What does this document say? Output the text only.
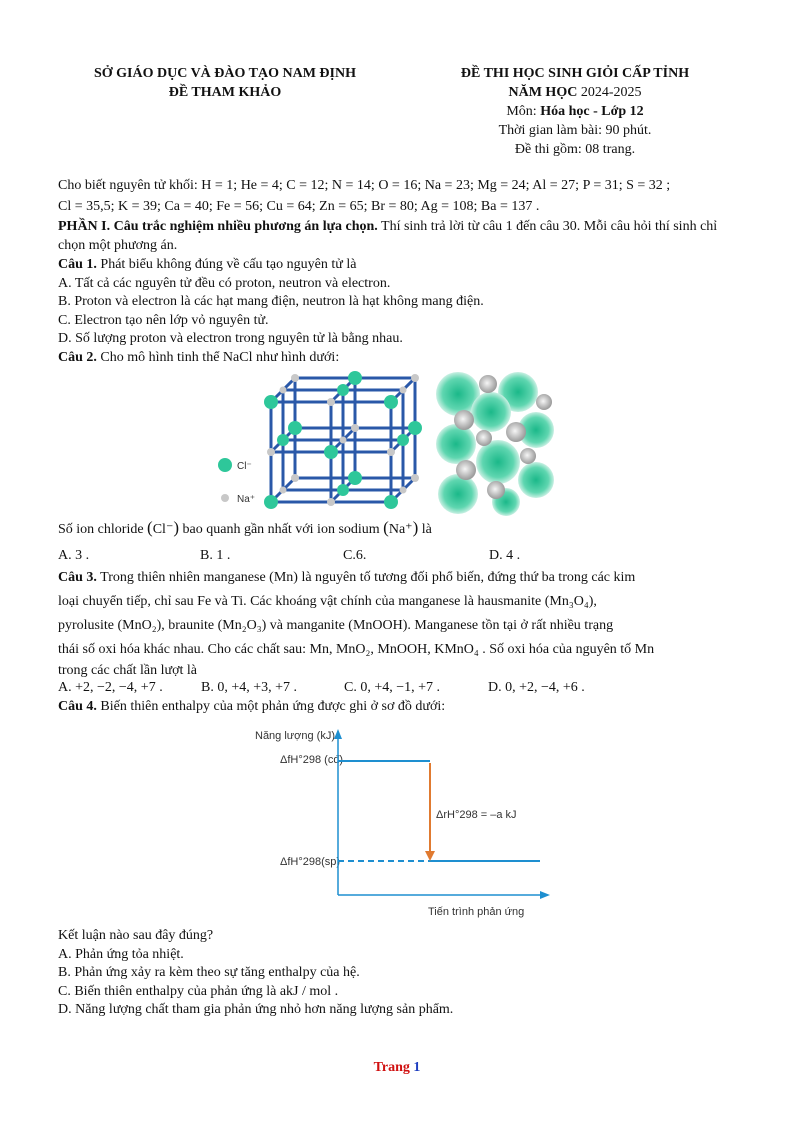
SỞ GIÁO DỤC VÀ ĐÀO TẠO NAM ĐỊNH
ĐỀ THAM KHẢO
ĐỀ THI HỌC SINH GIỎI CẤP TỈNH
NĂM HỌC 2024-2025
Môn: Hóa học - Lớp 12
Thời gian làm bài: 90 phút.
Đề thi gồm: 08 trang.
Cho biết nguyên tử khối: H = 1; He = 4; C = 12; N = 14; O = 16; Na = 23; Mg = 24; Al = 27; P = 31; S = 32 ;
Cl = 35,5; K = 39; Ca = 40; Fe = 56; Cu = 64; Zn = 65; Br = 80; Ag = 108; Ba = 137 .
PHẦN I. Câu trắc nghiệm nhiều phương án lựa chọn. Thí sinh trả lời từ câu 1 đến câu 30. Mỗi câu hỏi thí sinh chỉ chọn một phương án.
Câu 1. Phát biểu không đúng về cấu tạo nguyên tử là
A. Tất cả các nguyên tử đều có proton, neutron và electron.
B. Proton và electron là các hạt mang điện, neutron là hạt không mang điện.
C. Electron tạo nên lớp vỏ nguyên tử.
D. Số lượng proton và electron trong nguyên tử là bằng nhau.
Câu 2. Cho mô hình tinh thể NaCl như hình dưới:
Cl⁻
Na⁺
Số ion chloride (Cl⁻) bao quanh gần nhất với ion sodium (Na⁺) là
A. 3 .	B. 1 .	C.6.	D. 4 .
Câu 3. Trong thiên nhiên manganese (Mn) là nguyên tố tương đối phổ biến, đứng thứ ba trong các kim
loại chuyển tiếp, chỉ sau Fe và Ti. Các khoáng vật chính của manganese là hausmanite (Mn₃O₄),
pyrolusite (MnO₂), braunite (Mn₂O₃) và manganite (MnOOH). Manganese tồn tại ở rất nhiều trạng
thái số oxi hóa khác nhau. Cho các chất sau: Mn, MnO₂, MnOOH, KMnO₄ . Số oxi hóa của nguyên tố Mn
trong các chất lần lượt là
A. +2, −2, −4, +7 .	B. 0, +4, +3, +7 .	C. 0, +4, −1, +7 .	D. 0, +2, −4, +6 .
Câu 4. Biến thiên enthalpy của một phản ứng được ghi ở sơ đồ dưới:
Năng lượng (kJ)
ΔfH°298 (cđ)
ΔfH°298(sp)
ΔrH°298 = –a kJ
Tiến trình phản ứng
Kết luận nào sau đây đúng?
A. Phản ứng tỏa nhiệt.
B. Phản ứng xảy ra kèm theo sự tăng enthalpy của hệ.
C. Biến thiên enthalpy của phản ứng là akJ / mol .
D. Năng lượng chất tham gia phản ứng nhỏ hơn năng lượng sản phẩm.
Trang 1
